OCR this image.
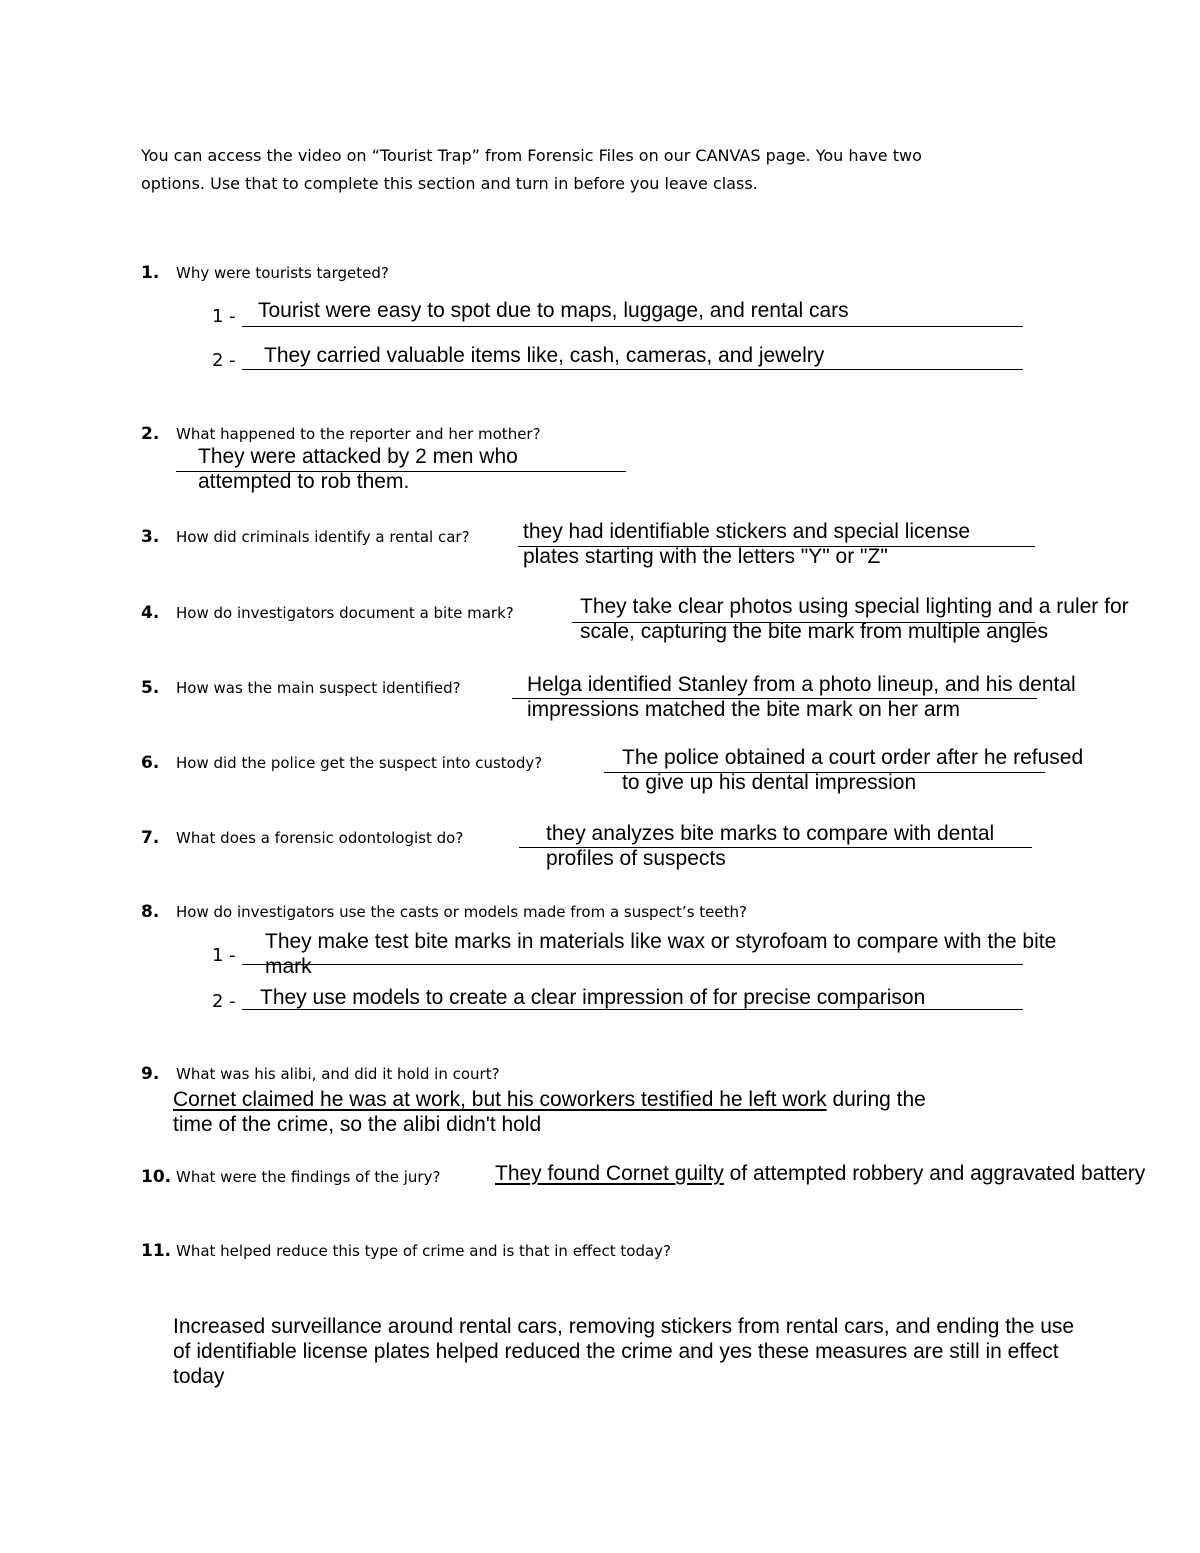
You can access the video on “Tourist Trap” from Forensic Files on our CANVAS page. You have two
options. Use that to complete this section and turn in before you leave class.
1. Why were tourists targeted?
1 - Tourist were easy to spot due to maps, luggage, and rental cars
2 - They carried valuable items like, cash, cameras, and jewelry
2. What happened to the reporter and her mother?
They were attacked by 2 men who
attempted to rob them.
3. How did criminals identify a rental car?	they had identifiable stickers and special license
plates starting with the letters "Y" or "Z"
4. How do investigators document a bite mark?	They take clear photos using special lighting and a ruler for
scale, capturing the bite mark from multiple angles
5. How was the main suspect identified?	Helga identified Stanley from a photo lineup, and his dental
impressions matched the bite mark on her arm
6. How did the police get the suspect into custody?	The police obtained a court order after he refused
to give up his dental impression
7. What does a forensic odontologist do?	they analyzes bite marks to compare with dental
profiles of suspects
8. How do investigators use the casts or models made from a suspect’s teeth?
1 -
They make test bite marks in materials like wax or styrofoam to compare with the bite
mark
2 - They use models to create a clear impression of for precise comparison
9. What was his alibi, and did it hold in court?
Cornet claimed he was at work, but his coworkers testified he left work during the
time of the crime, so the alibi didn't hold
10. What were the findings of the jury?	They found Cornet guilty of attempted robbery and aggravated battery
11. What helped reduce this type of crime and is that in effect today?
Increased surveillance around rental cars, removing stickers from rental cars, and ending the use
of identifiable license plates helped reduced the crime and yes these measures are still in effect
today
